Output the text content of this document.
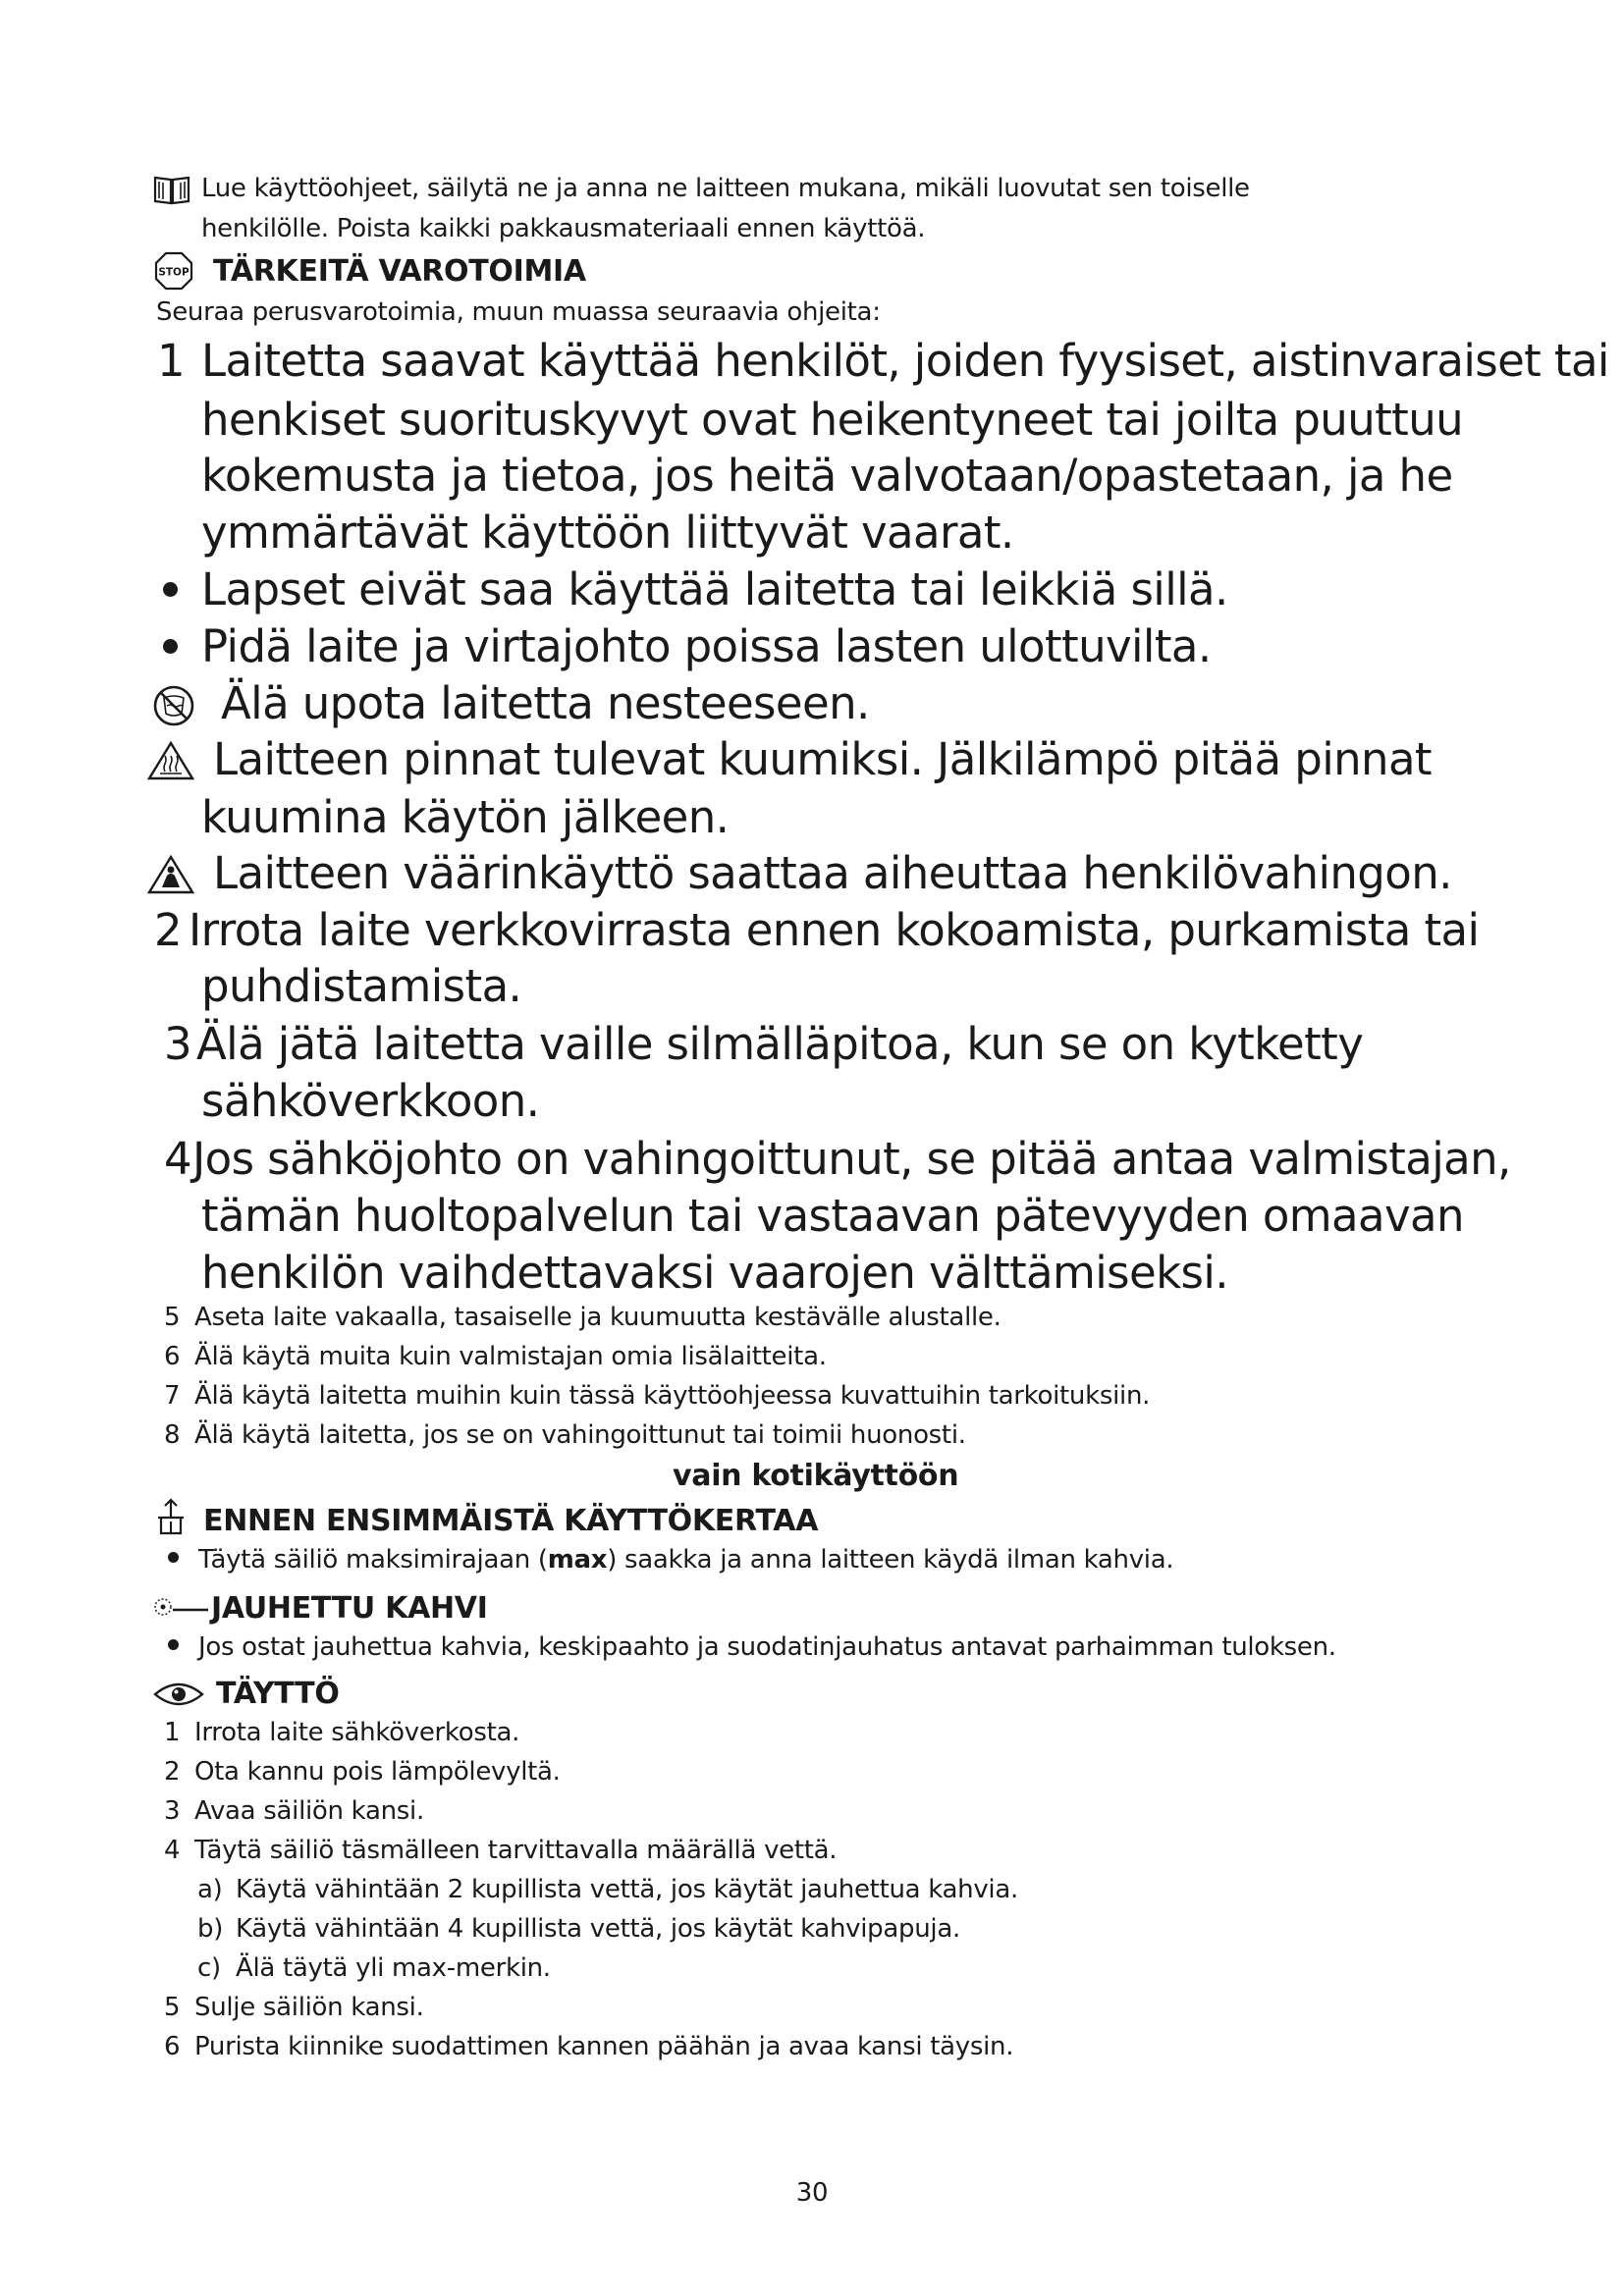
Lue käyttöohjeet, säilytä ne ja anna ne laitteen mukana, mikäli luovutat sen toiselle
henkilölle. Poista kaikki pakkausmateriaali ennen käyttöä.
STOP TÄRKEITÄ VAROTOIMIA
Seuraa perusvarotoimia, muun muassa seuraavia ohjeita:
1 Laitetta saavat käyttää henkilöt, joiden fyysiset, aistinvaraiset tai
henkiset suorituskyvyt ovat heikentyneet tai joilta puuttuu
kokemusta ja tietoa, jos heitä valvotaan/opastetaan, ja he
ymmärtävät käyttöön liittyvät vaarat.
Lapset eivät saa käyttää laitetta tai leikkiä sillä.
Pidä laite ja virtajohto poissa lasten ulottuvilta.
Älä upota laitetta nesteeseen.
Laitteen pinnat tulevat kuumiksi. Jälkilämpö pitää pinnat
kuumina käytön jälkeen.
Laitteen väärinkäyttö saattaa aiheuttaa henkilövahingon.
2 Irrota laite verkkovirrasta ennen kokoamista, purkamista tai
puhdistamista.
3 Älä jätä laitetta vaille silmälläpitoa, kun se on kytketty
sähköverkkoon.
4 Jos sähköjohto on vahingoittunut, se pitää antaa valmistajan,
tämän huoltopalvelun tai vastaavan pätevyyden omaavan
henkilön vaihdettavaksi vaarojen välttämiseksi.
5 Aseta laite vakaalla, tasaiselle ja kuumuutta kestävälle alustalle.
6 Älä käytä muita kuin valmistajan omia lisälaitteita.
7 Älä käytä laitetta muihin kuin tässä käyttöohjeessa kuvattuihin tarkoituksiin.
8 Älä käytä laitetta, jos se on vahingoittunut tai toimii huonosti.
vain kotikäyttöön
ENNEN ENSIMMÄISTÄ KÄYTTÖKERTAA
Täytä säiliö maksimirajaan (max) saakka ja anna laitteen käydä ilman kahvia.
JAUHETTU KAHVI
Jos ostat jauhettua kahvia, keskipaahto ja suodatinjauhatus antavat parhaimman tuloksen.
TÄYTTÖ
1 Irrota laite sähköverkosta.
2 Ota kannu pois lämpölevyltä.
3 Avaa säiliön kansi.
4 Täytä säiliö täsmälleen tarvittavalla määrällä vettä.
a) Käytä vähintään 2 kupillista vettä, jos käytät jauhettua kahvia.
b) Käytä vähintään 4 kupillista vettä, jos käytät kahvipapuja.
c) Älä täytä yli max-merkin.
5 Sulje säiliön kansi.
6 Purista kiinnike suodattimen kannen päähän ja avaa kansi täysin.
30
